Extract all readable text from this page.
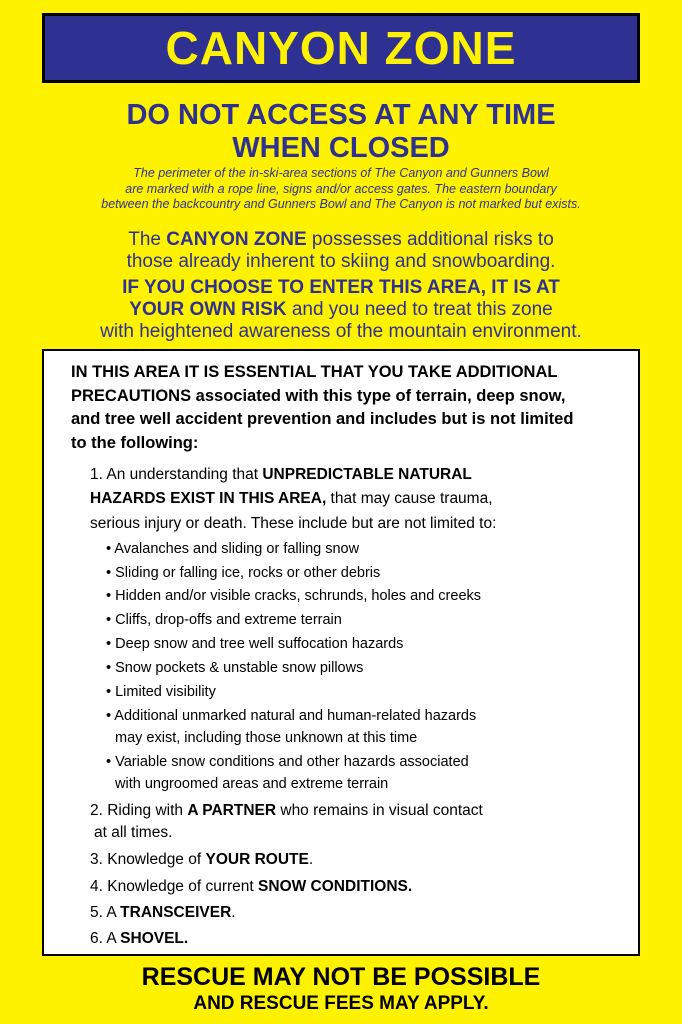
CANYON ZONE
DO NOT ACCESS AT ANY TIME
WHEN CLOSED
The perimeter of the in-ski-area sections of The Canyon and Gunners Bowl
are marked with a rope line, signs and/or access gates. The eastern boundary
between the backcountry and Gunners Bowl and The Canyon is not marked but exists.
The CANYON ZONE possesses additional risks to
those already inherent to skiing and snowboarding.
IF YOU CHOOSE TO ENTER THIS AREA, IT IS AT
YOUR OWN RISK and you need to treat this zone
with heightened awareness of the mountain environment.
IN THIS AREA IT IS ESSENTIAL THAT YOU TAKE ADDITIONAL
PRECAUTIONS associated with this type of terrain, deep snow,
and tree well accident prevention and includes but is not limited
to the following:
1. An understanding that UNPREDICTABLE NATURAL
HAZARDS EXIST IN THIS AREA, that may cause trauma,
serious injury or death. These include but are not limited to:
• Avalanches and sliding or falling snow
• Sliding or falling ice, rocks or other debris
• Hidden and/or visible cracks, schrunds, holes and creeks
• Cliffs, drop-offs and extreme terrain
• Deep snow and tree well suffocation hazards
• Snow pockets & unstable snow pillows
• Limited visibility
• Additional unmarked natural and human-related hazards
may exist, including those unknown at this time
• Variable snow conditions and other hazards associated
with ungroomed areas and extreme terrain
2. Riding with A PARTNER who remains in visual contact
at all times.
3. Knowledge of YOUR ROUTE.
4. Knowledge of current SNOW CONDITIONS.
5. A TRANSCEIVER.
6. A SHOVEL.
RESCUE MAY NOT BE POSSIBLE
AND RESCUE FEES MAY APPLY.
